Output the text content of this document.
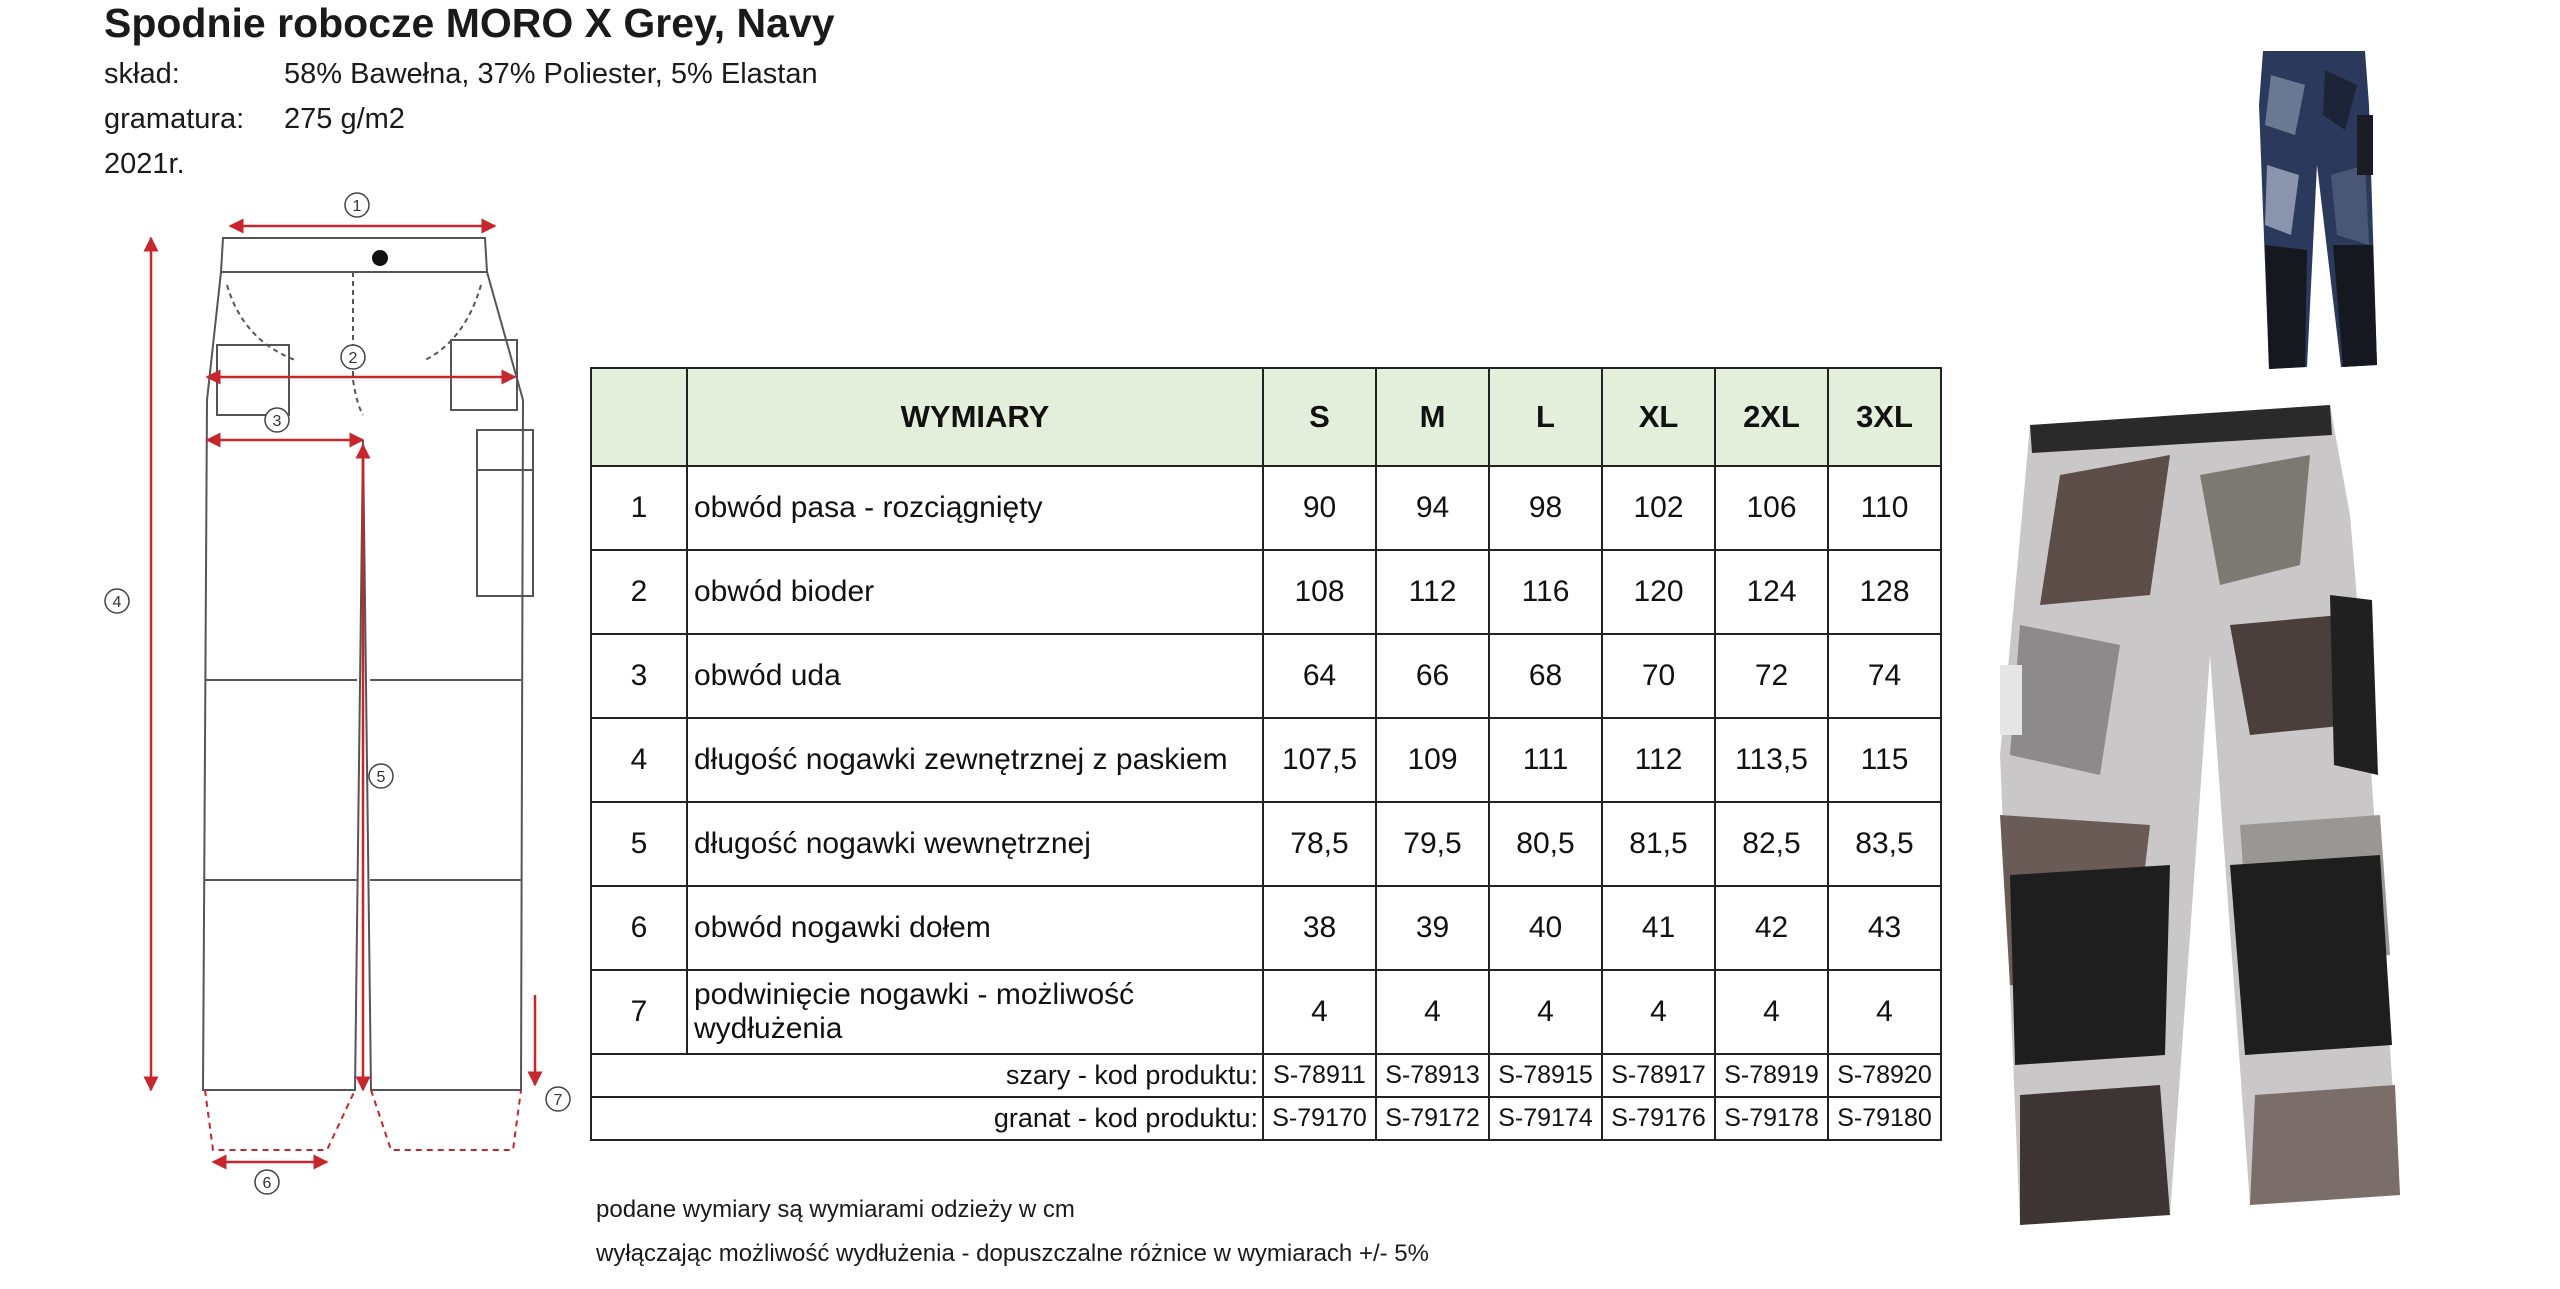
Spodnie robocze MORO X Grey, Navy
skład:	58% Bawełna, 37% Poliester, 5% Elastan
gramatura: 275 g/m2
2021r.
1
2
3
4
5
6
7
	WYMIARY	S	M	L	XL	2XL	3XL
1	obwód pasa - rozciągnięty	90	94	98	102	106	110
2	obwód bioder	108	112	116	120	124	128
3	obwód uda	64	66	68	70	72	74
4	długość nogawki zewnętrznej z paskiem	107,5	109	111	112	113,5	115
5	długość nogawki wewnętrznej	78,5	79,5	80,5	81,5	82,5	83,5
6	obwód nogawki dołem	38	39	40	41	42	43
7	podwinięcie nogawki - możliwość wydłużenia	4	4	4	4	4	4
szary - kod produktu:		S-78911	S-78913	S-78915	S-78917	S-78919	S-78920
granat - kod produktu:		S-79170	S-79172	S-79174	S-79176	S-79178	S-79180
podane wymiary są wymiarami odzieży w cm
wyłączając możliwość wydłużenia - dopuszczalne różnice w wymiarach +/- 5%
